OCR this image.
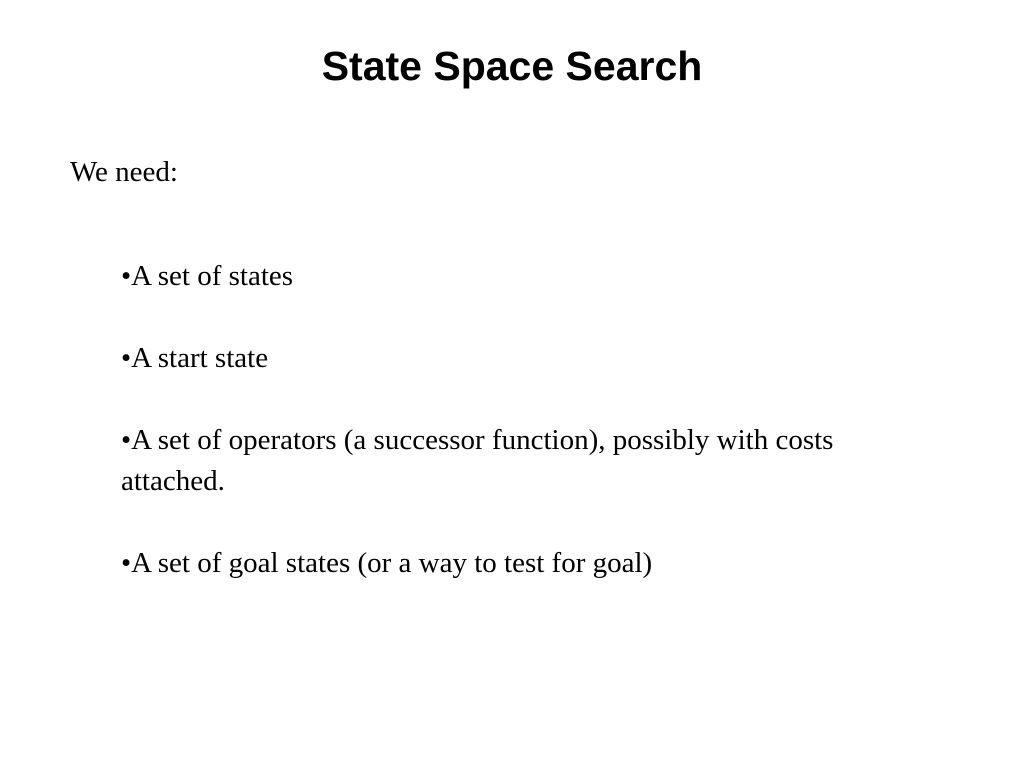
State Space Search

We need:

•A set of states
•A start state
•A set of operators (a successor function), possibly with costs attached.
•A set of goal states (or a way to test for goal)
